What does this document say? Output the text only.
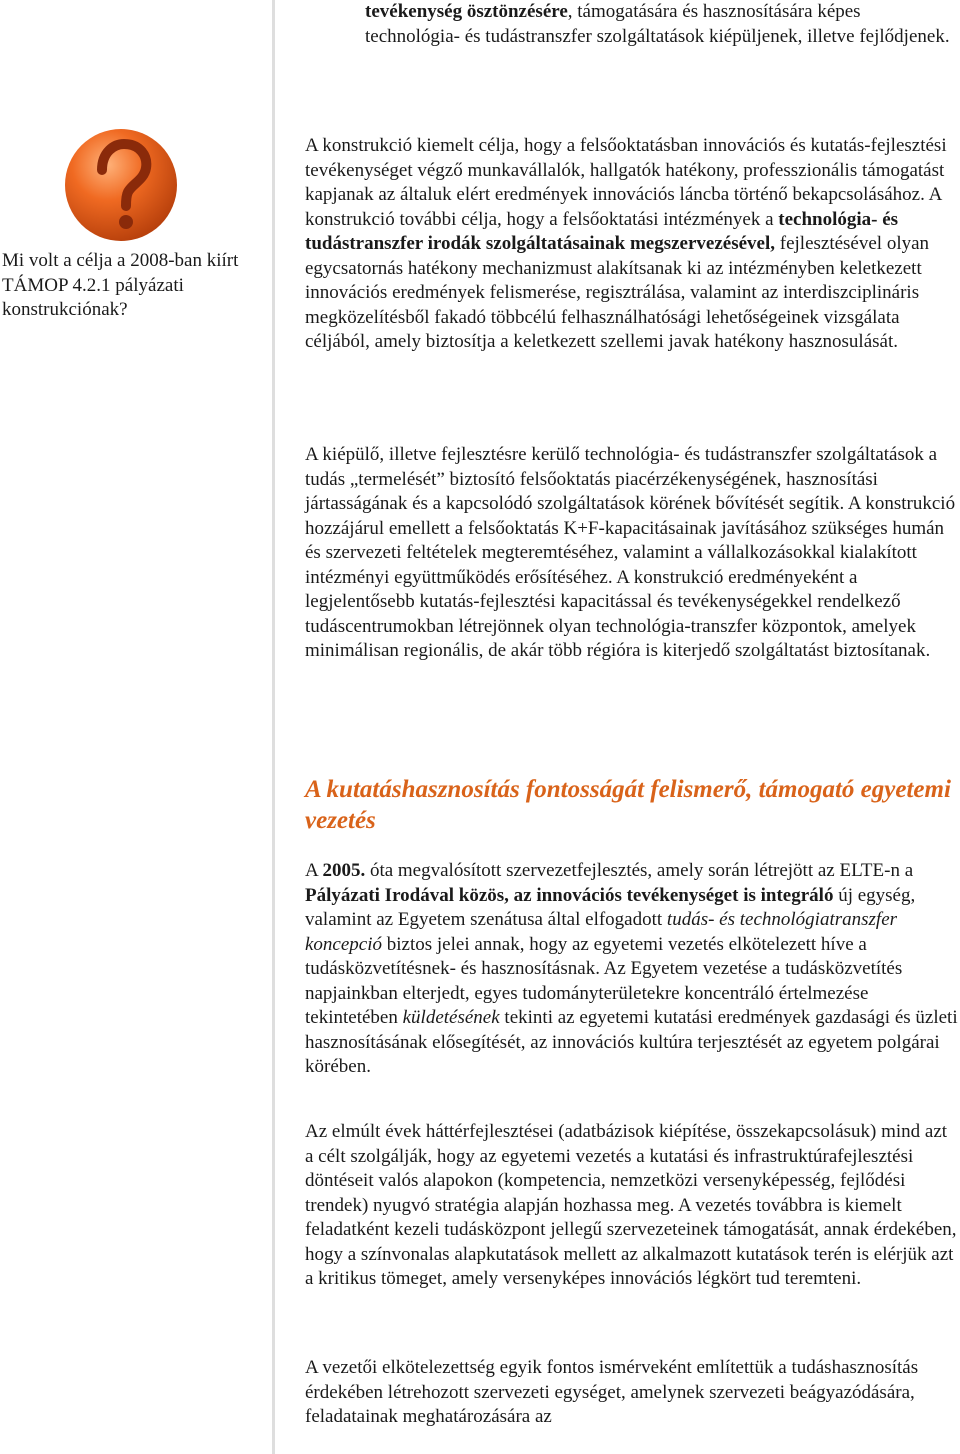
Mi volt a célja a 2008-ban kiírt TÁMOP 4.2.1 pályázati konstrukciónak?

tevékenység ösztönzésére, támogatására és hasznosítására képes technológia- és tudástranszfer szolgáltatások kiépüljenek, illetve fejlődjenek.

A konstrukció kiemelt célja, hogy a felsőoktatásban innovációs és kutatás-fejlesztési tevékenységet végző munkavállalók, hallgatók hatékony, professzionális támogatást kapjanak az általuk elért eredmények innovációs láncba történő bekapcsolásához. A konstrukció további célja, hogy a felsőoktatási intézmények a technológia- és tudástranszfer irodák szolgáltatásainak megszervezésével, fejlesztésével olyan egycsatornás hatékony mechanizmust alakítsanak ki az intézményben keletkezett innovációs eredmények felismerése, regisztrálása, valamint az interdiszciplináris megközelítésből fakadó többcélú felhasználhatósági lehetőségeinek vizsgálata céljából, amely biztosítja a keletkezett szellemi javak hatékony hasznosulását.

A kiépülő, illetve fejlesztésre kerülő technológia- és tudástranszfer szolgáltatások a tudás „termelését” biztosító felsőoktatás piacérzékenységének, hasznosítási jártasságának és a kapcsolódó szolgáltatások körének bővítését segítik. A konstrukció hozzájárul emellett a felsőoktatás K+F-kapacitásainak javításához szükséges humán és szervezeti feltételek megteremtéséhez, valamint a vállalkozásokkal kialakított intézményi együttműködés erősítéséhez. A konstrukció eredményeként a legjelentősebb kutatás-fejlesztési kapacitással és tevékenységekkel rendelkező tudáscentrumokban létrejönnek olyan technológia-transzfer központok, amelyek minimálisan regionális, de akár több régióra is kiterjedő szolgáltatást biztosítanak.

A kutatáshasznosítás fontosságát felismerő, támogató egyetemi vezetés

A 2005. óta megvalósított szervezetfejlesztés, amely során létrejött az ELTE-n a Pályázati Irodával közös, az innovációs tevékenységet is integráló új egység, valamint az Egyetem szenátusa által elfogadott tudás- és technológiatranszfer koncepció biztos jelei annak, hogy az egyetemi vezetés elkötelezett híve a tudásközvetítésnek- és hasznosításnak. Az Egyetem vezetése a tudásközvetítés napjainkban elterjedt, egyes tudományterületekre koncentráló értelmezése tekintetében küldetésének tekinti az egyetemi kutatási eredmények gazdasági és üzleti hasznosításának elősegítését, az innovációs kultúra terjesztését az egyetem polgárai körében.

Az elmúlt évek háttérfejlesztései (adatbázisok kiépítése, összekapcsolásuk) mind azt a célt szolgálják, hogy az egyetemi vezetés a kutatási és infrastruktúrafejlesztési döntéseit valós alapokon (kompetencia, nemzetközi versenyképesség, fejlődési trendek) nyugvó stratégia alapján hozhassa meg. A vezetés továbbra is kiemelt feladatként kezeli tudásközpont jellegű szervezeteinek támogatását, annak érdekében, hogy a színvonalas alapkutatások mellett az alkalmazott kutatások terén is elérjük azt a kritikus tömeget, amely versenyképes innovációs légkört tud teremteni.

A vezetői elkötelezettség egyik fontos ismérveként említettük a tudáshasznosítás érdekében létrehozott szervezeti egységet, amelynek szervezeti beágyazódására, feladatainak meghatározására az
